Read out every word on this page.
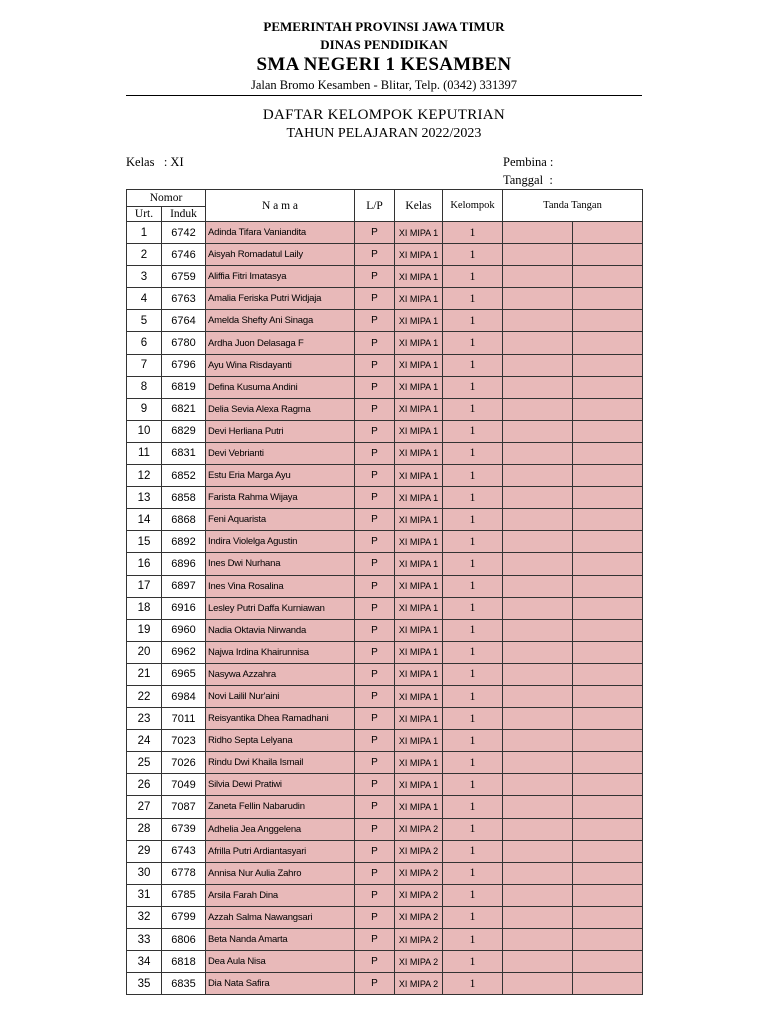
PEMERINTAH PROVINSI JAWA TIMUR
DINAS PENDIDIKAN
SMA NEGERI 1 KESAMBEN
Jalan Bromo Kesamben - Blitar, Telp. (0342) 331397
DAFTAR KELOMPOK KEPUTRIAN
TAHUN PELAJARAN 2022/2023
Kelas   : XI	Pembina :
Tanggal  :
Nomor		N a m a	L/P	Kelas	Kelompok	Tanda Tangan	
Urt.	Induk						
1	6742	Adinda Tifara Vaniandita	P	XI MIPA 1	1		
2	6746	Aisyah Romadatul Laily	P	XI MIPA 1	1		
3	6759	Aliffia Fitri Imatasya	P	XI MIPA 1	1		
4	6763	Amalia Feriska Putri Widjaja	P	XI MIPA 1	1		
5	6764	Amelda Shefty Ani Sinaga	P	XI MIPA 1	1		
6	6780	Ardha Juon Delasaga F	P	XI MIPA 1	1		
7	6796	Ayu Wina Risdayanti	P	XI MIPA 1	1		
8	6819	Defina Kusuma Andini	P	XI MIPA 1	1		
9	6821	Delia Sevia Alexa Ragma	P	XI MIPA 1	1		
10	6829	Devi Herliana Putri	P	XI MIPA 1	1		
11	6831	Devi Vebrianti	P	XI MIPA 1	1		
12	6852	Estu Eria Marga Ayu	P	XI MIPA 1	1		
13	6858	Farista Rahma Wijaya	P	XI MIPA 1	1		
14	6868	Feni Aquarista	P	XI MIPA 1	1		
15	6892	Indira Violelga Agustin	P	XI MIPA 1	1		
16	6896	Ines Dwi Nurhana	P	XI MIPA 1	1		
17	6897	Ines Vina Rosalina	P	XI MIPA 1	1		
18	6916	Lesley Putri Daffa Kurniawan	P	XI MIPA 1	1		
19	6960	Nadia Oktavia Nirwanda	P	XI MIPA 1	1		
20	6962	Najwa Irdina Khairunnisa	P	XI MIPA 1	1		
21	6965	Nasywa Azzahra	P	XI MIPA 1	1		
22	6984	Novi Lailil Nur'aini	P	XI MIPA 1	1		
23	7011	Reisyantika Dhea Ramadhani	P	XI MIPA 1	1		
24	7023	Ridho Septa Lelyana	P	XI MIPA 1	1		
25	7026	Rindu Dwi Khaila Ismail	P	XI MIPA 1	1		
26	7049	Silvia Dewi Pratiwi	P	XI MIPA 1	1		
27	7087	Zaneta Fellin Nabarudin	P	XI MIPA 1	1		
28	6739	Adhelia Jea Anggelena	P	XI MIPA 2	1		
29	6743	Afrilla Putri Ardiantasyari	P	XI MIPA 2	1		
30	6778	Annisa Nur Aulia Zahro	P	XI MIPA 2	1		
31	6785	Arsila Farah Dina	P	XI MIPA 2	1		
32	6799	Azzah Salma Nawangsari	P	XI MIPA 2	1		
33	6806	Beta Nanda Amarta	P	XI MIPA 2	1		
34	6818	Dea Aula Nisa	P	XI MIPA 2	1		
35	6835	Dia Nata Safira	P	XI MIPA 2	1		
